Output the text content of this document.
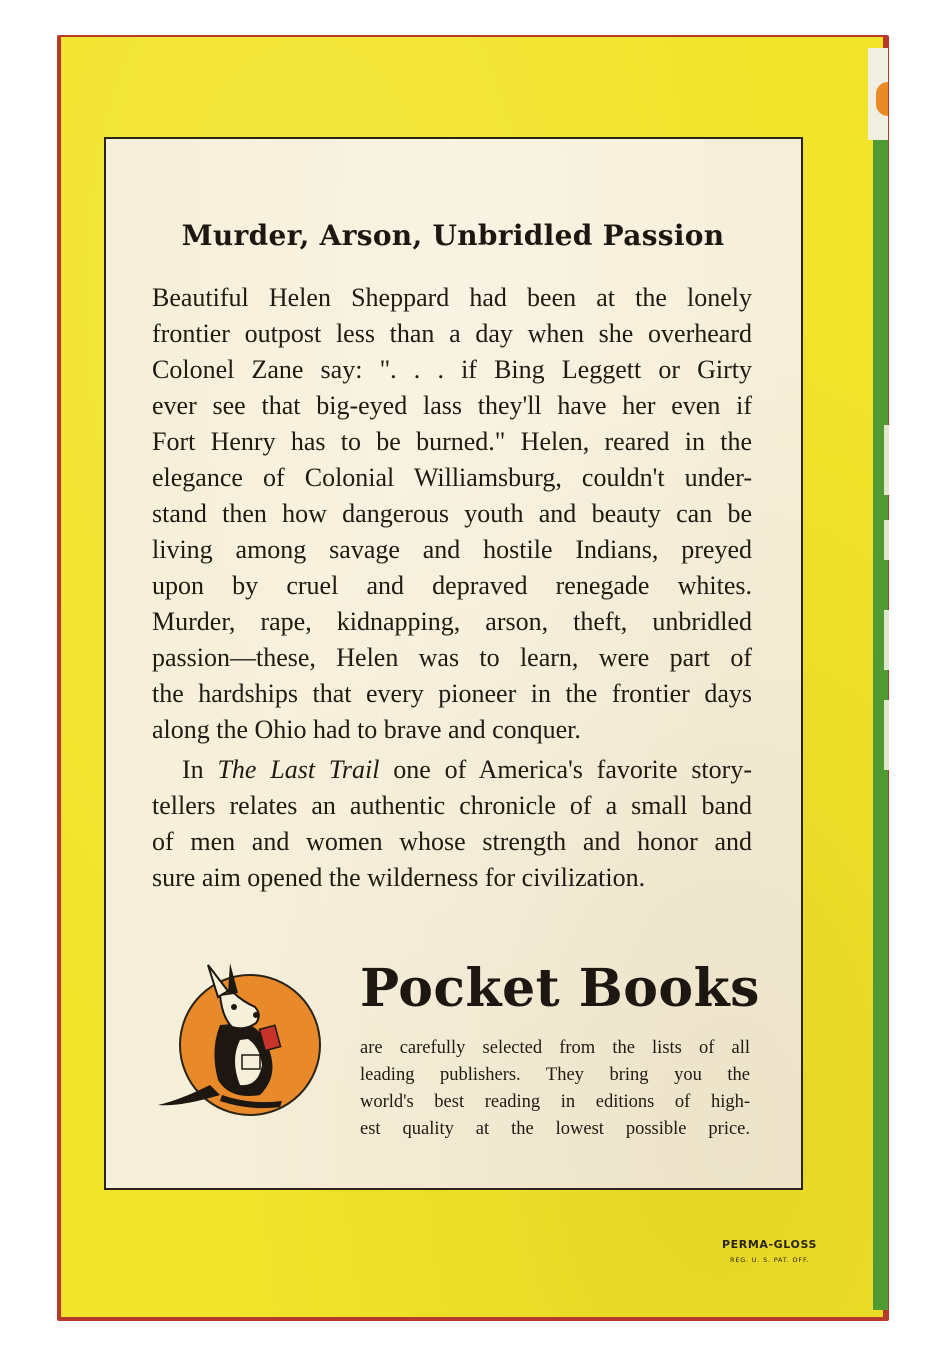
Murder, Arson, Unbridled Passion
Beautiful Helen Sheppard had been at the lonely
frontier outpost less than a day when she overheard
Colonel Zane say: ". . . if Bing Leggett or Girty
ever see that big-eyed lass they'll have her even if
Fort Henry has to be burned." Helen, reared in the
elegance of Colonial Williamsburg, couldn't under-
stand then how dangerous youth and beauty can be
living among savage and hostile Indians, preyed
upon by cruel and depraved renegade whites.
Murder, rape, kidnapping, arson, theft, unbridled
passion—these, Helen was to learn, were part of
the hardships that every pioneer in the frontier days
along the Ohio had to brave and conquer.
In The Last Trail one of America's favorite story-
tellers relates an authentic chronicle of a small band
of men and women whose strength and honor and
sure aim opened the wilderness for civilization.
Pocket Books
are carefully selected from the lists of all
leading publishers. They bring you the
world's best reading in editions of high-
est quality at the lowest possible price.
PERMA-GLOSS
REG. U. S. PAT. OFF.
